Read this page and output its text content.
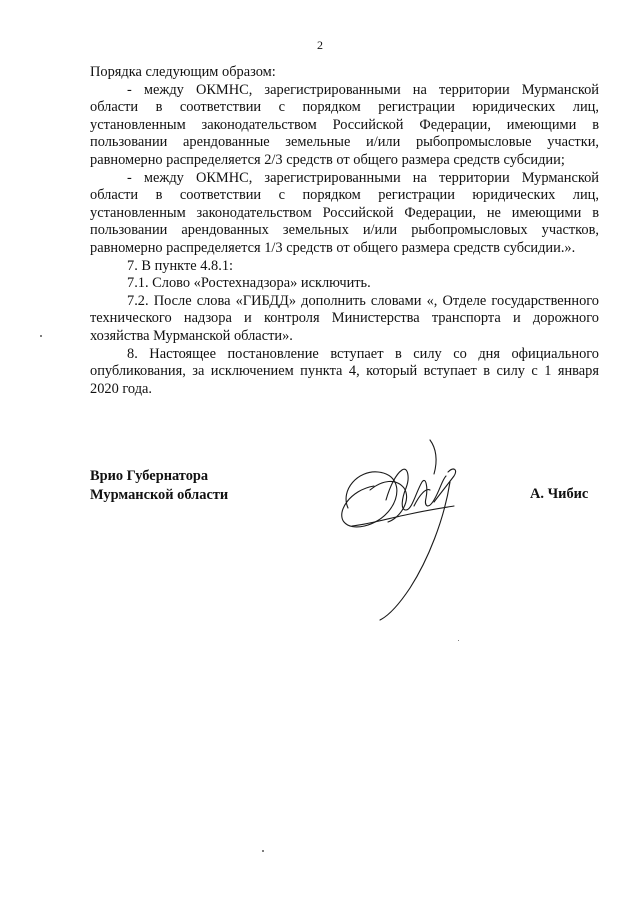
2

Порядка следующим образом:

- между ОКМНС, зарегистрированными на территории Мурманской области в соответствии с порядком регистрации юридических лиц, установленным законодательством Российской Федерации, имеющими в пользовании арендованные земельные и/или рыбопромысловые участки, равномерно распределяется 2/3 средств от общего размера средств субсидии;

- между ОКМНС, зарегистрированными на территории Мурманской области в соответствии с порядком регистрации юридических лиц, установленным законодательством Российской Федерации, не имеющими в пользовании арендованных земельных и/или рыбопромысловых участков, равномерно распределяется 1/3 средств от общего размера средств субсидии.».

7. В пункте 4.8.1:

7.1. Слово «Ростехнадзора» исключить.

7.2. После слова «ГИБДД» дополнить словами «, Отделе государственного технического надзора и контроля Министерства транспорта и дорожного хозяйства Мурманской области».

8. Настоящее постановление вступает в силу со дня официального опубликования, за исключением пункта 4, который вступает в силу с 1 января 2020 года.

Врио Губернатора
Мурманской области	А. Чибис
